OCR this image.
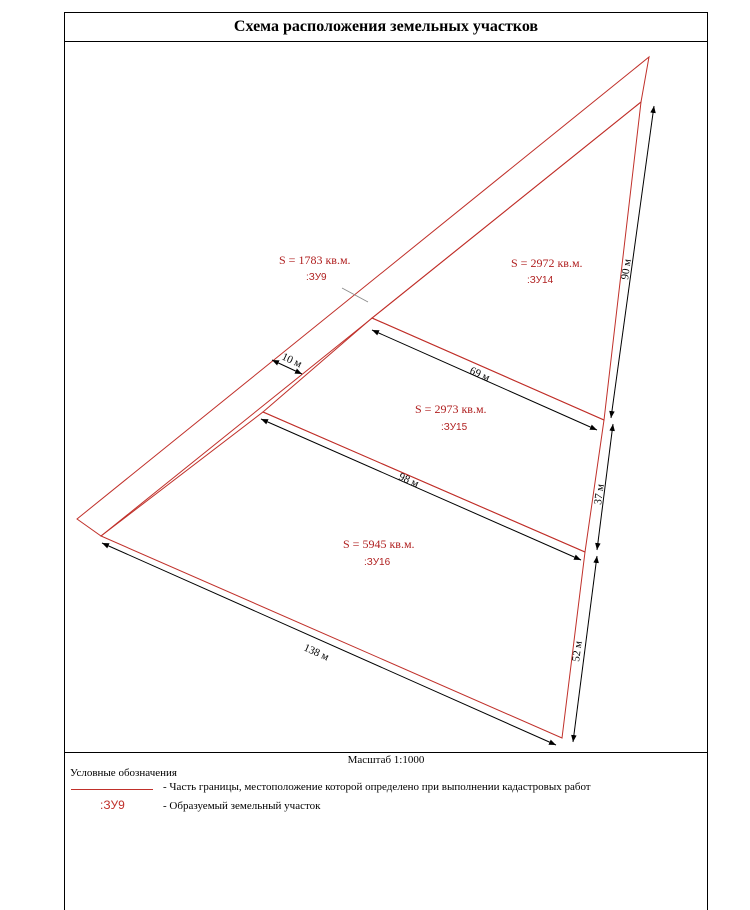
Схема расположения земельных участков
S = 1783 кв.м.
:ЗУ9
S = 2972 кв.м.
:ЗУ14
S = 2973 кв.м.
:ЗУ15
S = 5945 кв.м.
:ЗУ16
10 м
69 м
98 м
138 м
90 м
37 м
52 м
Масштаб 1:1000
Условные обозначения
- Часть границы, местоположение которой определено при выполнении кадастровых работ
:ЗУ9	- Образуемый земельный участок
